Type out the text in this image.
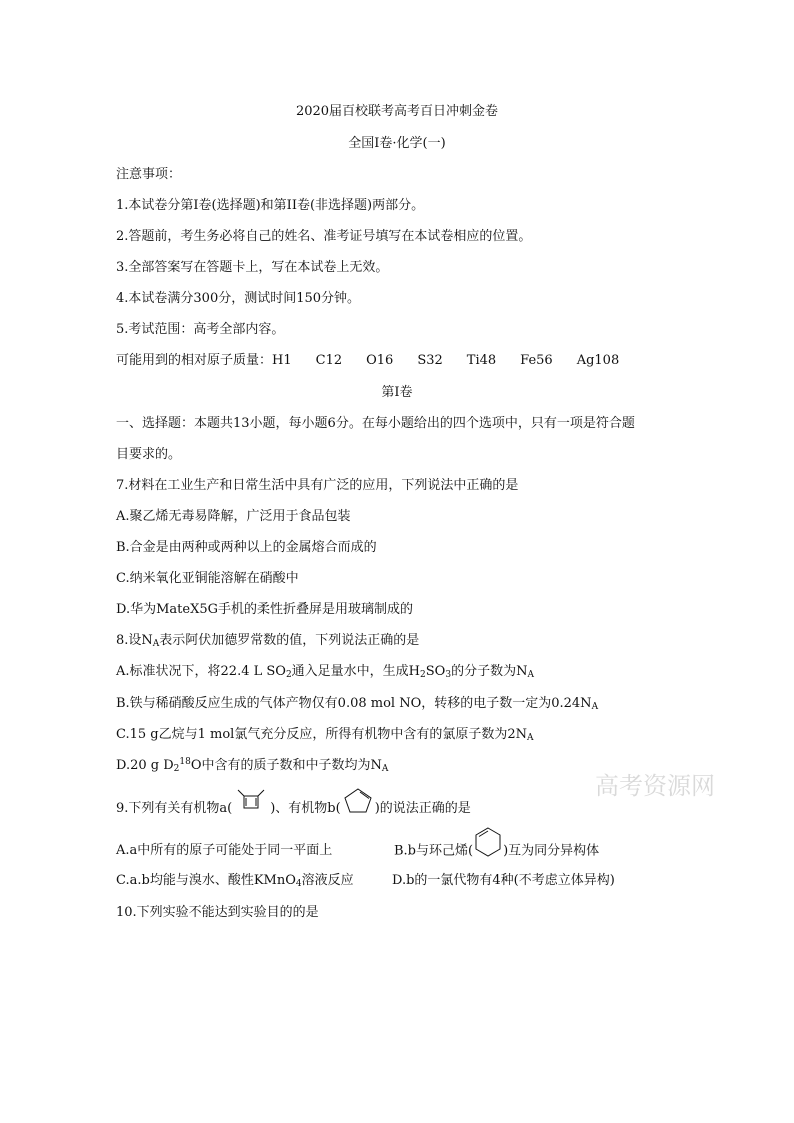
2020届百校联考高考百日冲刺金卷
全国I卷·化学(一)
注意事项：
1.本试卷分第I卷(选择题)和第II卷(非选择题)两部分。
2.答题前，考生务必将自己的姓名、准考证号填写在本试卷相应的位置。
3.全部答案写在答题卡上，写在本试卷上无效。
4.本试卷满分300分，测试时间150分钟。
5.考试范围：高考全部内容。
可能用到的相对原子质量：H1 C12 O16 S32 Ti48 Fe56 Ag108
第I卷
一、选择题：本题共13小题，每小题6分。在每小题给出的四个选项中，只有一项是符合题
目要求的。
7.材料在工业生产和日常生活中具有广泛的应用，下列说法中正确的是
A.聚乙烯无毒易降解，广泛用于食品包装
B.合金是由两种或两种以上的金属熔合而成的
C.纳米氧化亚铜能溶解在硝酸中
D.华为MateX5G手机的柔性折叠屏是用玻璃制成的
8.设$N_A$表示阿伏加德罗常数的值，下列说法正确的是
A.标准状况下，将22.4 L $SO_2$通入足量水中，生成$H_2SO_3$的分子数为$N_A$
B.铁与稀硝酸反应生成的气体产物仅有0.08 mol NO，转移的电子数一定为$0.24N_A$
C.15 g乙烷与1 mol氯气充分反应，所得有机物中含有的氯原子数为$2N_A$
D.20 g $D_2^{18}O$中含有的质子数和中子数均为$N_A$
高考资源网
9.下列有关有机物a(	)、有机物b(	)的说法正确的是
A.a中所有的原子可能处于同一平面上	B.b与环己烯( )互为同分异构体
C.a.b均能与溴水、酸性KMnO$_4$溶液反应	D.b的一氯代物有4种(不考虑立体异构)
10.下列实验不能达到实验目的的是
